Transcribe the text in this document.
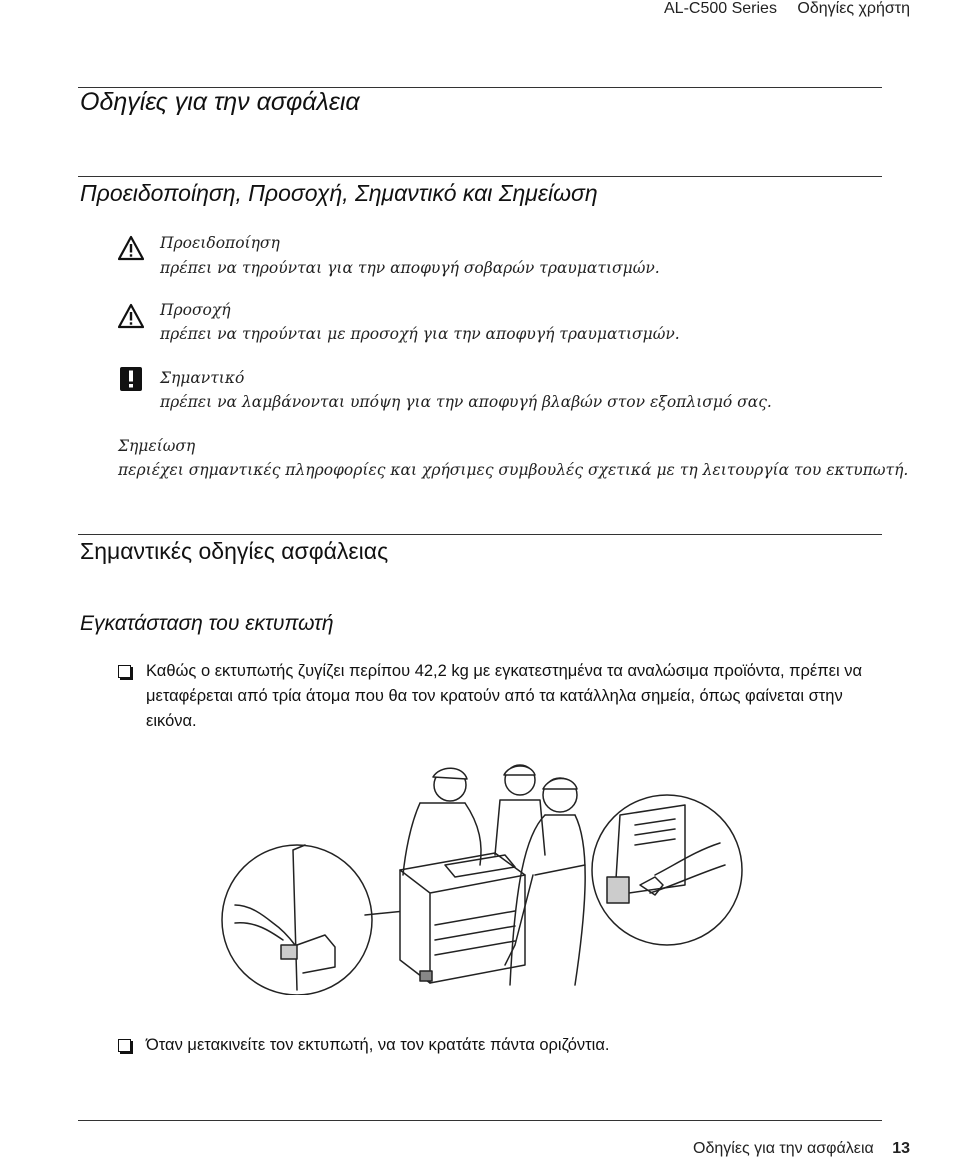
AL-C500 Series Οδηγίες χρήστη
Οδηγίες για την ασφάλεια
Προειδοποίηση, Προσοχή, Σημαντικό και Σημείωση
Προειδοποίηση
πρέπει να τηρούνται για την αποφυγή σοβαρών τραυματισμών.
Προσοχή
πρέπει να τηρούνται με προσοχή για την αποφυγή τραυματισμών.
Σημαντικό
πρέπει να λαμβάνονται υπόψη για την αποφυγή βλαβών στον εξοπλισμό σας.
Σημείωση
περιέχει σημαντικές πληροφορίες και χρήσιμες συμβουλές σχετικά με τη λειτουργία του εκτυπωτή.
Σημαντικές οδηγίες ασφάλειας
Εγκατάσταση του εκτυπωτή
Καθώς ο εκτυπωτής ζυγίζει περίπου 42,2 kg με εγκατεστημένα τα αναλώσιμα προϊόντα, πρέπει να
μεταφέρεται από τρία άτομα που θα τον κρατούν από τα κατάλληλα σημεία, όπως φαίνεται στην
εικόνα.
Όταν μετακινείτε τον εκτυπωτή, να τον κρατάτε πάντα οριζόντια.
Οδηγίες για την ασφάλεια 13
